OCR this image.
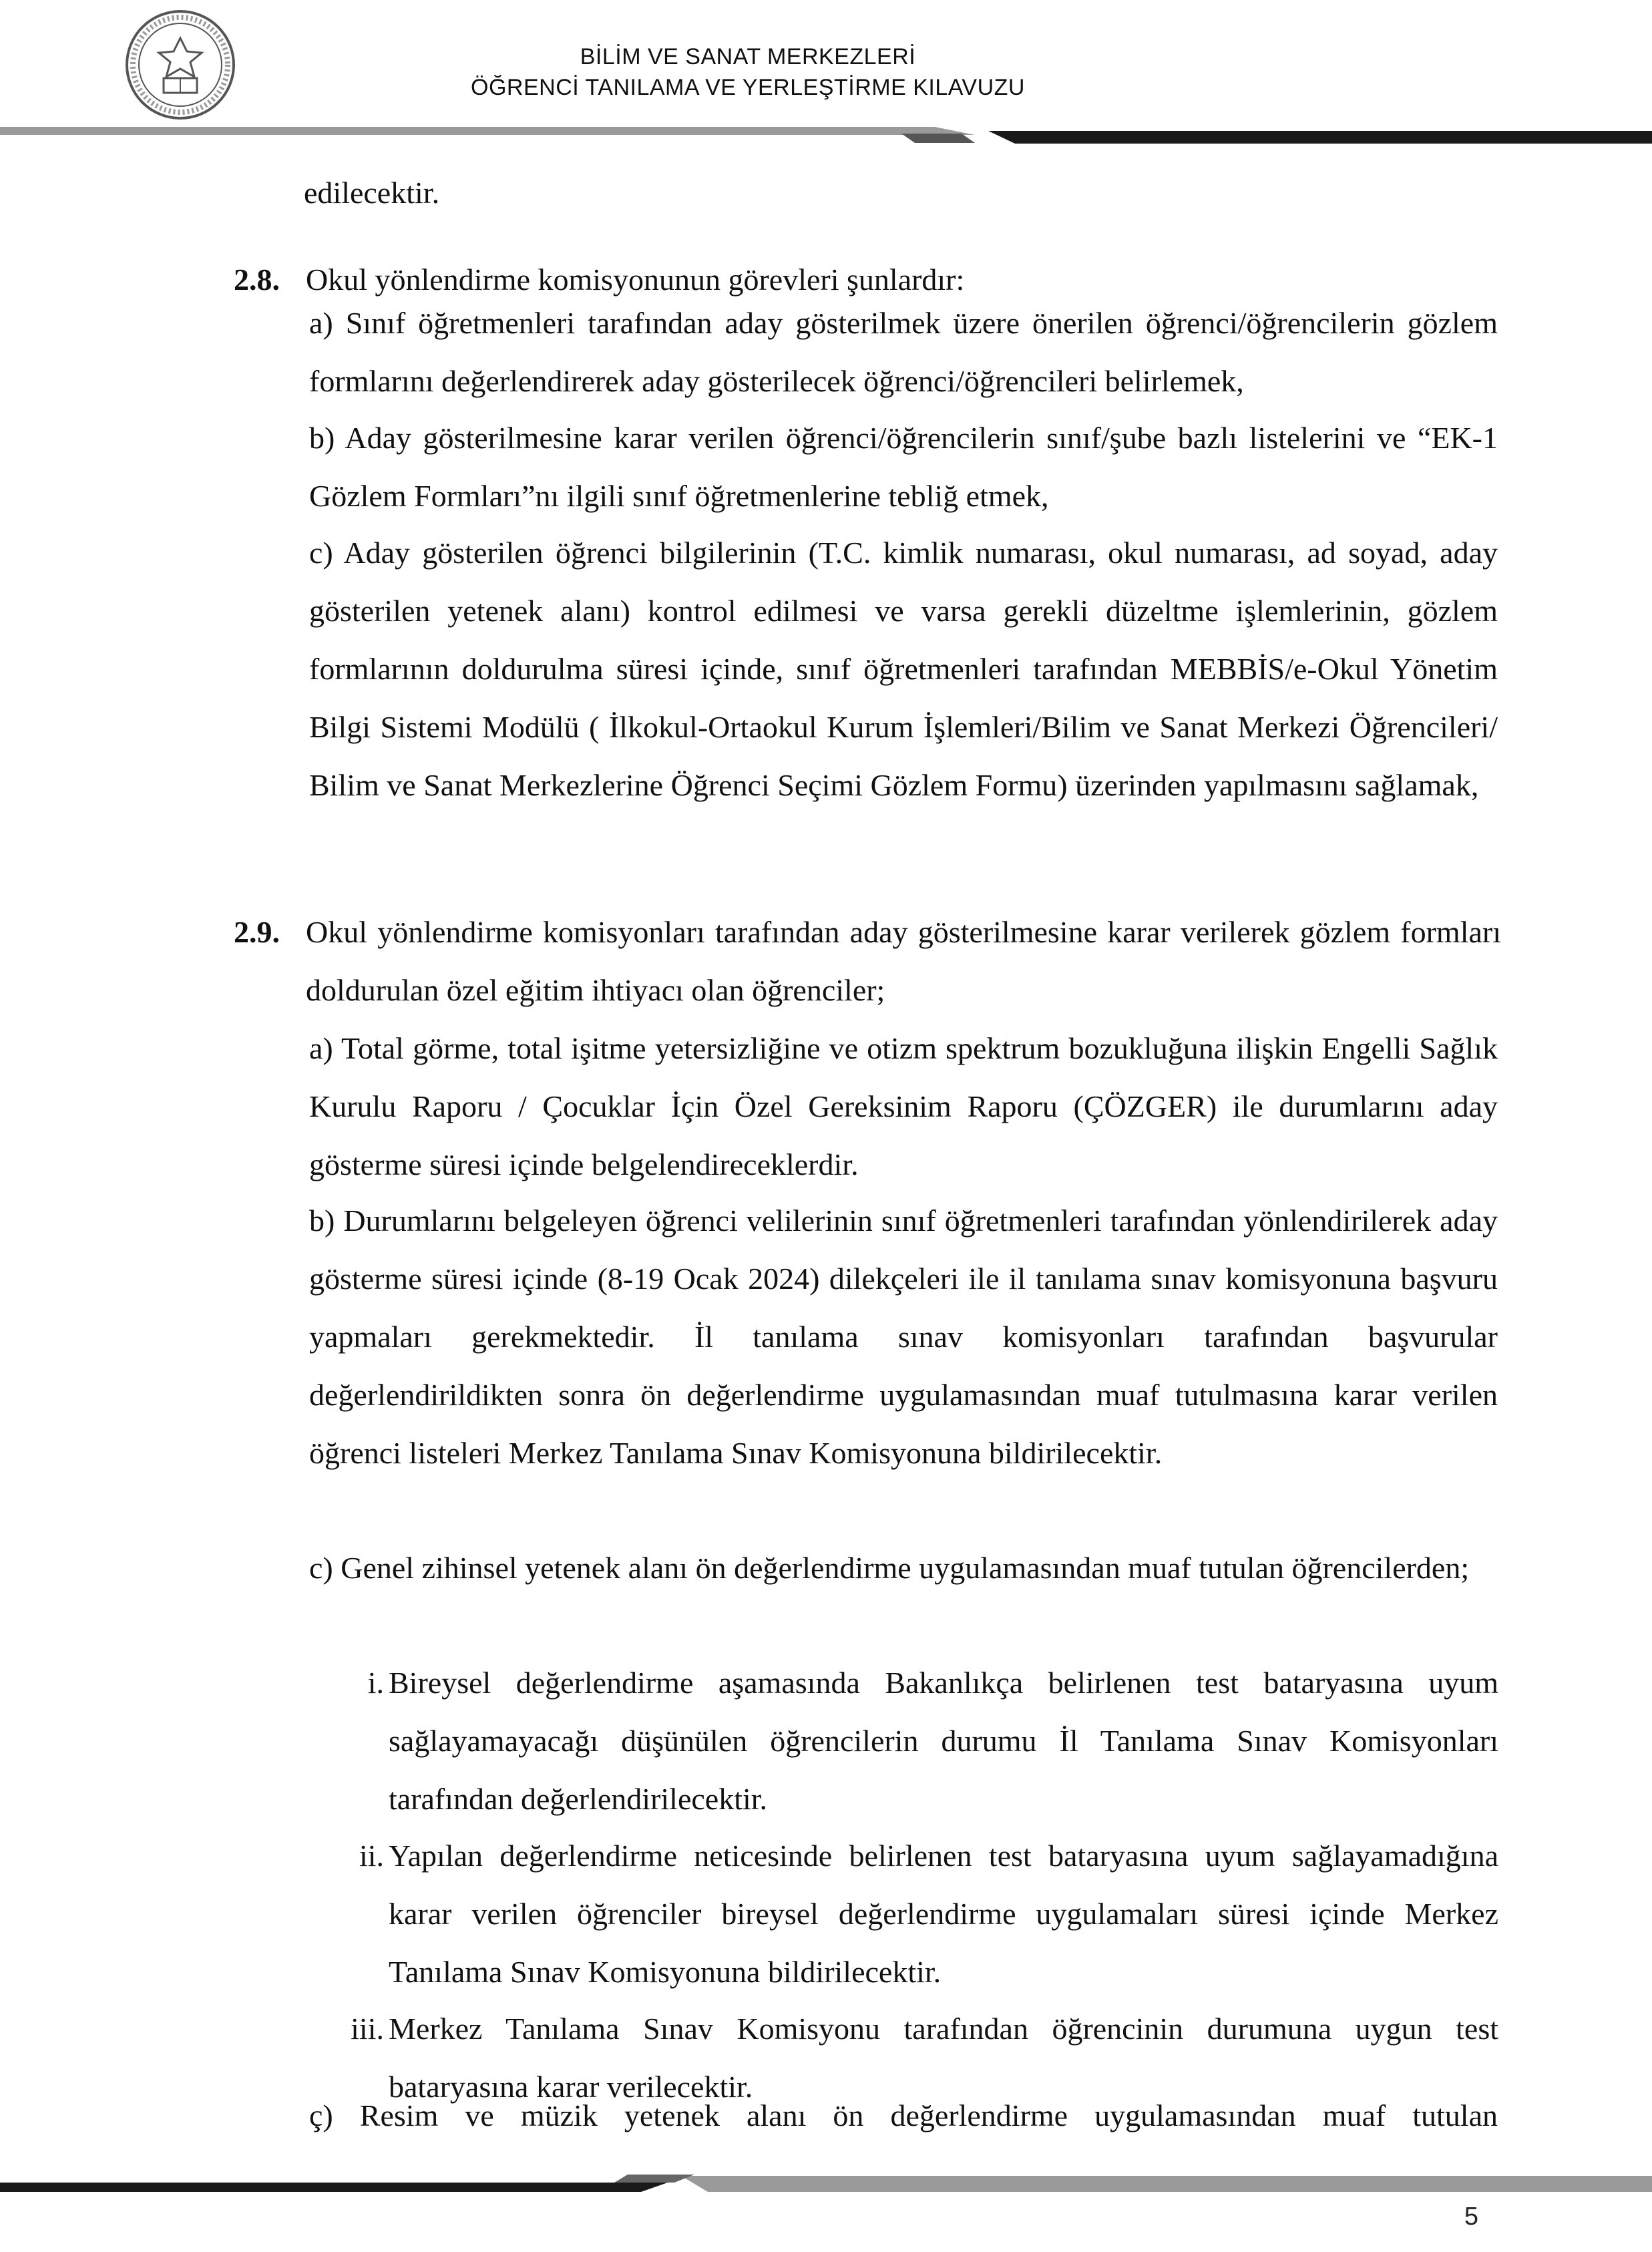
BİLİM VE SANAT MERKEZLERİ
ÖĞRENCİ TANILAMA VE YERLEŞTİRME KILAVUZU
edilecektir.
2.8. Okul yönlendirme komisyonunun görevleri şunlardır:
a) Sınıf öğretmenleri tarafından aday gösterilmek üzere önerilen öğrenci/öğrencilerin gözlem formlarını değerlendirerek aday gösterilecek öğrenci/öğrencileri belirlemek,
b) Aday gösterilmesine karar verilen öğrenci/öğrencilerin sınıf/şube bazlı listelerini ve “EK-1 Gözlem Formları”nı ilgili sınıf öğretmenlerine tebliğ etmek,
c) Aday gösterilen öğrenci bilgilerinin (T.C. kimlik numarası, okul numarası, ad soyad, aday gösterilen yetenek alanı) kontrol edilmesi ve varsa gerekli düzeltme işlemlerinin, gözlem formlarının doldurulma süresi içinde, sınıf öğretmenleri tarafından MEBBİS/e-Okul Yönetim Bilgi Sistemi Modülü ( İlkokul-Ortaokul Kurum İşlemleri/Bilim ve Sanat Merkezi Öğrencileri/ Bilim ve Sanat Merkezlerine Öğrenci Seçimi Gözlem Formu) üzerinden yapılmasını sağlamak,
2.9. Okul yönlendirme komisyonları tarafından aday gösterilmesine karar verilerek gözlem formları doldurulan özel eğitim ihtiyacı olan öğrenciler;
a) Total görme, total işitme yetersizliğine ve otizm spektrum bozukluğuna ilişkin Engelli Sağlık Kurulu Raporu / Çocuklar İçin Özel Gereksinim Raporu (ÇÖZGER) ile durumlarını aday gösterme süresi içinde belgelendireceklerdir.
b) Durumlarını belgeleyen öğrenci velilerinin sınıf öğretmenleri tarafından yönlendirilerek aday gösterme süresi içinde (8-19 Ocak 2024) dilekçeleri ile il tanılama sınav komisyonuna başvuru yapmaları gerekmektedir. İl tanılama sınav komisyonları tarafından başvurular değerlendirildikten sonra ön değerlendirme uygulamasından muaf tutulmasına karar verilen öğrenci listeleri Merkez Tanılama Sınav Komisyonuna bildirilecektir.
c) Genel zihinsel yetenek alanı ön değerlendirme uygulamasından muaf tutulan öğrencilerden;
i. Bireysel değerlendirme aşamasında Bakanlıkça belirlenen test bataryasına uyum sağlayamayacağı düşünülen öğrencilerin durumu İl Tanılama Sınav Komisyonları tarafından değerlendirilecektir.
ii. Yapılan değerlendirme neticesinde belirlenen test bataryasına uyum sağlayamadığına karar verilen öğrenciler bireysel değerlendirme uygulamaları süresi içinde Merkez Tanılama Sınav Komisyonuna bildirilecektir.
iii. Merkez Tanılama Sınav Komisyonu tarafından öğrencinin durumuna uygun test bataryasına karar verilecektir.
ç) Resim ve müzik yetenek alanı ön değerlendirme uygulamasından muaf tutulan
5
